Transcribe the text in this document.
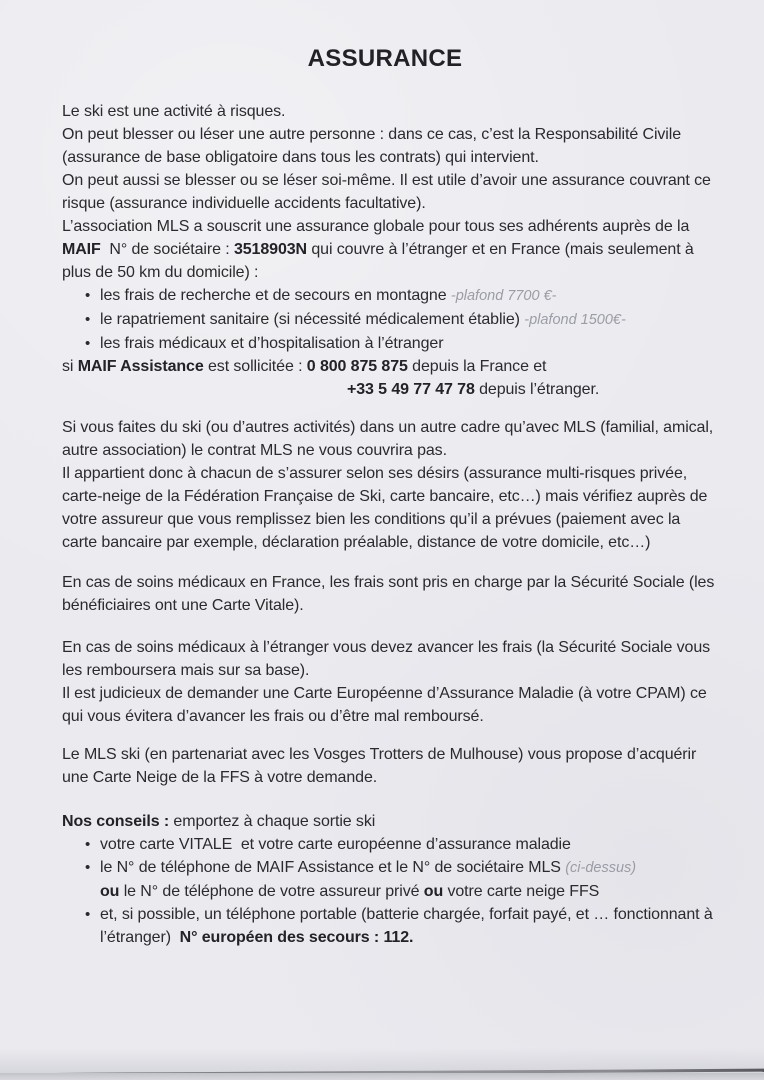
ASSURANCE

Le ski est une activité à risques.

On peut blesser ou léser une autre personne : dans ce cas, c’est la Responsabilité Civile (assurance de base obligatoire dans tous les contrats) qui intervient.

On peut aussi se blesser ou se léser soi-même. Il est utile d’avoir une assurance couvrant ce risque (assurance individuelle accidents facultative).

L’association MLS a souscrit une assurance globale pour tous ses adhérents auprès de la MAIF  N° de sociétaire : 3518903N qui couvre à l’étranger et en France (mais seulement à plus de 50 km du domicile) :

• les frais de recherche et de secours en montagne -plafond 7700 €-
• le rapatriement sanitaire (si nécessité médicalement établie) -plafond 1500€-
• les frais médicaux et d’hospitalisation à l’étranger

si MAIF Assistance est sollicitée : 0 800 875 875 depuis la France et

+33 5 49 77 47 78 depuis l’étranger.

Si vous faites du ski (ou d’autres activités) dans un autre cadre qu’avec MLS (familial, amical, autre association) le contrat MLS ne vous couvrira pas.

Il appartient donc à chacun de s’assurer selon ses désirs (assurance multi-risques privée, carte-neige de la Fédération Française de Ski, carte bancaire, etc…) mais vérifiez auprès de votre assureur que vous remplissez bien les conditions qu’il a prévues (paiement avec la carte bancaire par exemple, déclaration préalable, distance de votre domicile, etc…)

En cas de soins médicaux en France, les frais sont pris en charge par la Sécurité Sociale (les bénéficiaires ont une Carte Vitale).

En cas de soins médicaux à l’étranger vous devez avancer les frais (la Sécurité Sociale vous les remboursera mais sur sa base).

Il est judicieux de demander une Carte Européenne d’Assurance Maladie (à votre CPAM) ce qui vous évitera d’avancer les frais ou d’être mal remboursé.

Le MLS ski (en partenariat avec les Vosges Trotters de Mulhouse) vous propose d’acquérir une Carte Neige de la FFS à votre demande.

Nos conseils : emportez à chaque sortie ski

• votre carte VITALE  et votre carte européenne d’assurance maladie
• le N° de téléphone de MAIF Assistance et le N° de sociétaire MLS (ci-dessus)
ou le N° de téléphone de votre assureur privé ou votre carte neige FFS
• et, si possible, un téléphone portable (batterie chargée, forfait payé, et … fonctionnant à l’étranger)  N° européen des secours : 112.
